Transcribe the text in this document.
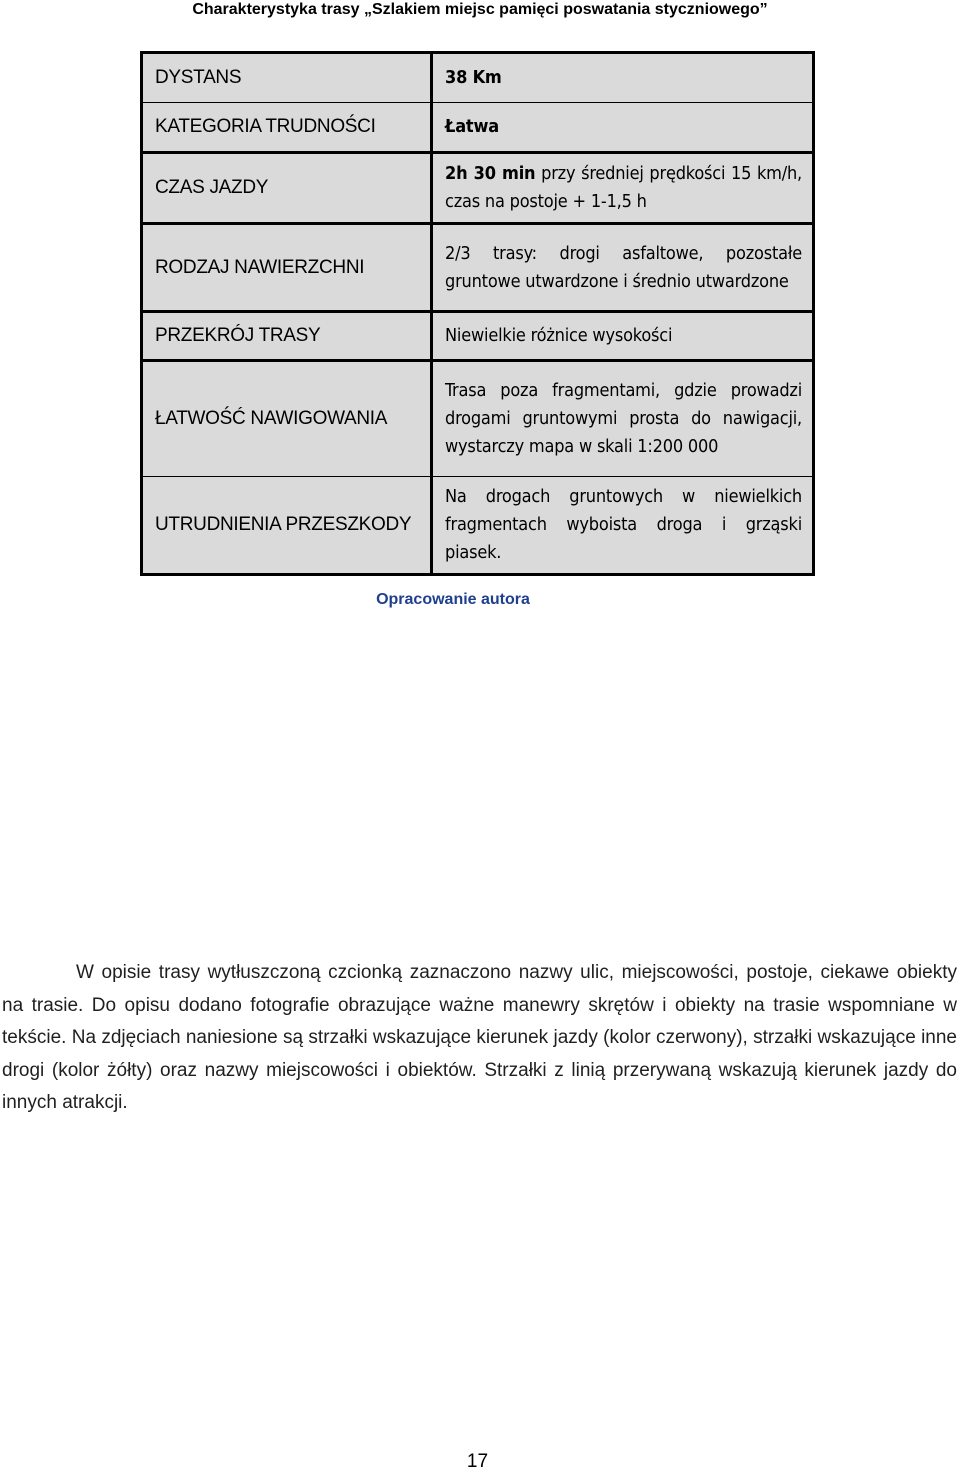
Charakterystyka trasy „Szlakiem miejsc pamięci poswatania styczniowego”
DYSTANS	38 Km
KATEGORIA TRUDNOŚCI	Łatwa
CZAS JAZDY	2h 30 min przy średniej prędkości 15 km/h, czas na postoje + 1-1,5 h
RODZAJ NAWIERZCHNI	2/3 trasy: drogi asfaltowe, pozostałe gruntowe utwardzone i średnio utwardzone
PRZEKRÓJ TRASY	Niewielkie różnice wysokości
ŁATWOŚĆ NAWIGOWANIA	Trasa poza fragmentami, gdzie prowadzi drogami gruntowymi prosta do nawigacji, wystarczy mapa w skali 1:200 000
UTRUDNIENIA PRZESZKODY	Na drogach gruntowych w niewielkich fragmentach wyboista droga i grząski piasek.
Opracowanie autora

W opisie trasy wytłuszczoną czcionką zaznaczono nazwy ulic, miejscowości, postoje, ciekawe obiekty na trasie. Do opisu dodano fotografie obrazujące ważne manewry skrętów i obiekty na trasie wspomniane w tekście. Na zdjęciach naniesione są strzałki wskazujące kierunek jazdy (kolor czerwony), strzałki wskazujące inne drogi (kolor żółty) oraz nazwy miejscowości i obiektów. Strzałki z linią przerywaną wskazują kierunek jazdy do innych atrakcji.

17
